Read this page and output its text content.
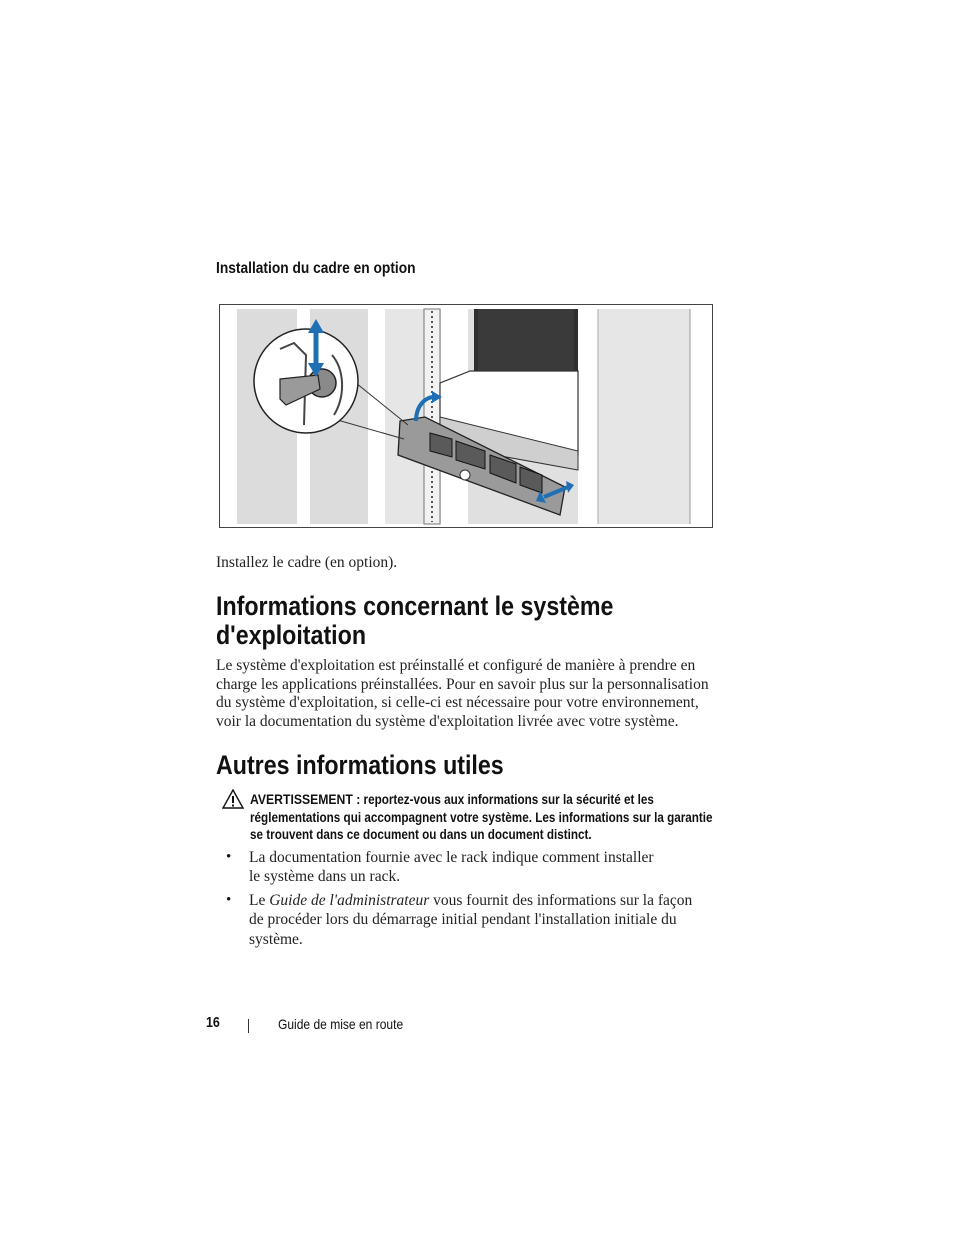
Installation du cadre en option
Installez le cadre (en option).
Informations concernant le système
d'exploitation
Le système d'exploitation est préinstallé et configuré de manière à prendre en
charge les applications préinstallées. Pour en savoir plus sur la personnalisation
du système d'exploitation, si celle-ci est nécessaire pour votre environnement,
voir la documentation du système d'exploitation livrée avec votre système.
Autres informations utiles
AVERTISSEMENT : reportez-vous aux informations sur la sécurité et les
réglementations qui accompagnent votre système. Les informations sur la garantie
se trouvent dans ce document ou dans un document distinct.
• La documentation fournie avec le rack indique comment installer
le système dans un rack.
• Le Guide de l'administrateur vous fournit des informations sur la façon
de procéder lors du démarrage initial pendant l'installation initiale du
système.
16	Guide de mise en route
